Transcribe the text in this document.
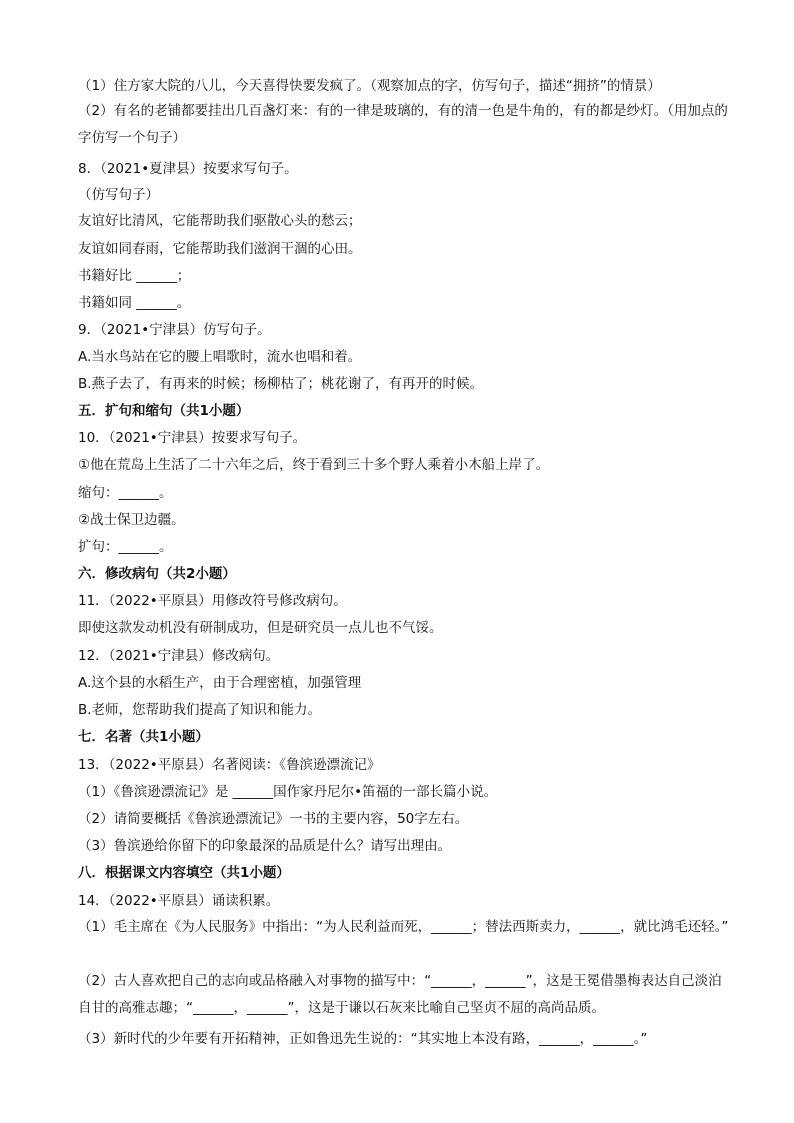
（1）住方家大院的八儿，今天喜得快要发疯了。（观察加点的字，仿写句子，描述“拥挤”的情景）
（2）有名的老铺都要挂出几百盏灯来：有的一律是玻璃的，有的清一色是牛角的，有的都是纱灯。（用加点的字仿写一个句子）
8．（2021•夏津县）按要求写句子。
（仿写句子）
友谊好比清风，它能帮助我们驱散心头的愁云；
友谊如同春雨，它能帮助我们滋润干涸的心田。
书籍好比 ______；
书籍如同 ______。
9．（2021•宁津县）仿写句子。
A.当水鸟站在它的腰上唱歌时，流水也唱和着。
B.燕子去了，有再来的时候；杨柳枯了；桃花谢了，有再开的时候。
五．扩句和缩句（共1小题）
10．（2021•宁津县）按要求写句子。
①他在荒岛上生活了二十六年之后，终于看到三十多个野人乘着小木船上岸了。
缩句：______。
②战士保卫边疆。
扩句：______。
六．修改病句（共2小题）
11．（2022•平原县）用修改符号修改病句。
即使这款发动机没有研制成功，但是研究员一点儿也不气馁。
12．（2021•宁津县）修改病句。
A.这个县的水稻生产，由于合理密植，加强管理
B.老师，您帮助我们提高了知识和能力。
七．名著（共1小题）
13．（2022•平原县）名著阅读：《鲁滨逊漂流记》
（1）《鲁滨逊漂流记》是 ______国作家丹尼尔•笛福的一部长篇小说。
（2）请简要概括《鲁滨逊漂流记》一书的主要内容，50字左右。
（3）鲁滨逊给你留下的印象最深的品质是什么？请写出理由。
八．根据课文内容填空（共1小题）
14．（2022•平原县）诵读积累。
（1）毛主席在《为人民服务》中指出：“为人民利益而死，______；替法西斯卖力，______，就比鸿毛还轻。”
（2）古人喜欢把自己的志向或品格融入对事物的描写中：“______，______”，这是王冕借墨梅表达自己淡泊自甘的高雅志趣；“______，______”，这是于谦以石灰来比喻自己坚贞不屈的高尚品质。
（3）新时代的少年要有开拓精神，正如鲁迅先生说的：“其实地上本没有路，______，______。”
